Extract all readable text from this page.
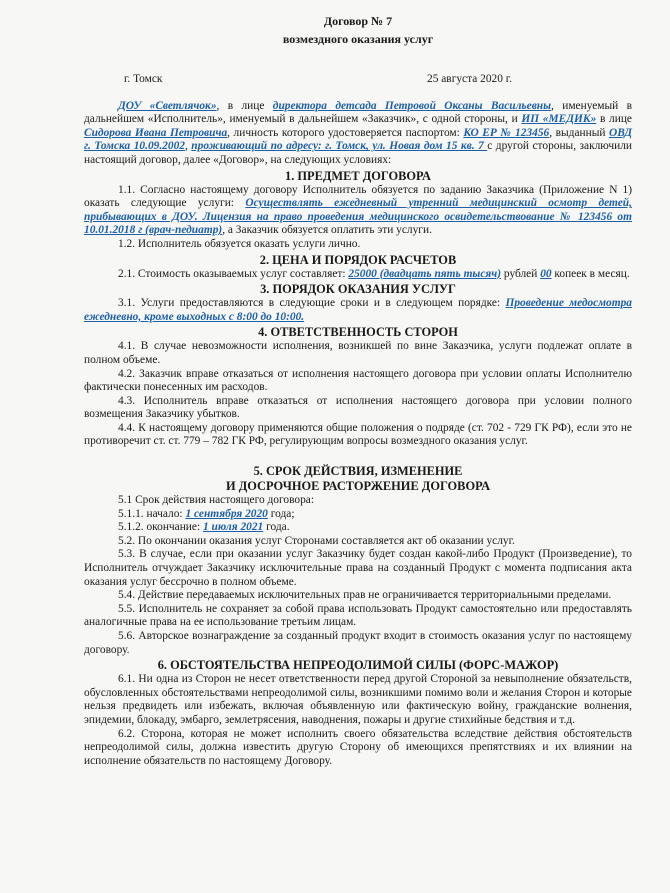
Договор № 7
возмездного оказания услуг
г. Томск	25 августа 2020 г.
ДОУ «Светлячок», в лице директора детсада Петровой Оксаны Васильевны, именуемый в дальнейшем «Исполнитель», именуемый в дальнейшем «Заказчик», с одной стороны, и ИП «МЕДИК» в лице Сидорова Ивана Петровича, личность которого удостоверяется паспортом: КО ЕР № 123456, выданный ОВД г. Томска 10.09.2002, проживающий по адресу: г. Томск, ул. Новая дом 15 кв. 7 с другой стороны, заключили настоящий договор, далее «Договор», на следующих условиях:
1. ПРЕДМЕТ ДОГОВОРА
1.1. Согласно настоящему договору Исполнитель обязуется по заданию Заказчика (Приложение N 1) оказать следующие услуги: Осуществлять ежедневный утренний медицинский осмотр детей, прибывающих в ДОУ. Лицензия на право проведения медицинского освидетельствование № 123456 от 10.01.2018 г (врач-педиатр), а Заказчик обязуется оплатить эти услуги.
1.2. Исполнитель обязуется оказать услуги лично.
2. ЦЕНА И ПОРЯДОК РАСЧЕТОВ
2.1. Стоимость оказываемых услуг составляет: 25000 (двадцать пять тысяч) рублей 00 копеек в месяц.
3. ПОРЯДОК ОКАЗАНИЯ УСЛУГ
3.1. Услуги предоставляются в следующие сроки и в следующем порядке: Проведение медосмотра ежедневно, кроме выходных с 8:00 до 10:00.
4. ОТВЕТСТВЕННОСТЬ СТОРОН
4.1. В случае невозможности исполнения, возникшей по вине Заказчика, услуги подлежат оплате в полном объеме.
4.2. Заказчик вправе отказаться от исполнения настоящего договора при условии оплаты Исполнителю фактически понесенных им расходов.
4.3. Исполнитель вправе отказаться от исполнения настоящего договора при условии полного возмещения Заказчику убытков.
4.4. К настоящему договору применяются общие положения о подряде (ст. 702 - 729 ГК РФ), если это не противоречит ст. ст. 779 – 782 ГК РФ, регулирующим вопросы возмездного оказания услуг.
5. СРОК ДЕЙСТВИЯ, ИЗМЕНЕНИЕ
И ДОСРОЧНОЕ РАСТОРЖЕНИЕ ДОГОВОРА
5.1 Срок действия настоящего договора:
5.1.1. начало: 1 сентября 2020 года;
5.1.2. окончание: 1 июля 2021 года.
5.2. По окончании оказания услуг Сторонами составляется акт об оказании услуг.
5.3. В случае, если при оказании услуг Заказчику будет создан какой-либо Продукт (Произведение), то Исполнитель отчуждает Заказчику исключительные права на созданный Продукт с момента подписания акта оказания услуг бессрочно в полном объеме.
5.4. Действие передаваемых исключительных прав не ограничивается территориальными пределами.
5.5. Исполнитель не сохраняет за собой права использовать Продукт самостоятельно или предоставлять аналогичные права на ее использование третьим лицам.
5.6. Авторское вознаграждение за созданный продукт входит в стоимость оказания услуг по настоящему договору.
6. ОБСТОЯТЕЛЬСТВА НЕПРЕОДОЛИМОЙ СИЛЫ (ФОРС-МАЖОР)
6.1. Ни одна из Сторон не несет ответственности перед другой Стороной за невыполнение обязательств, обусловленных обстоятельствами непреодолимой силы, возникшими помимо воли и желания Сторон и которые нельзя предвидеть или избежать, включая объявленную или фактическую войну, гражданские волнения, эпидемии, блокаду, эмбарго, землетрясения, наводнения, пожары и другие стихийные бедствия и т.д.
6.2. Сторона, которая не может исполнить своего обязательства вследствие действия обстоятельств непреодолимой силы, должна известить другую Сторону об имеющихся препятствиях и их влиянии на исполнение обязательств по настоящему Договору.
